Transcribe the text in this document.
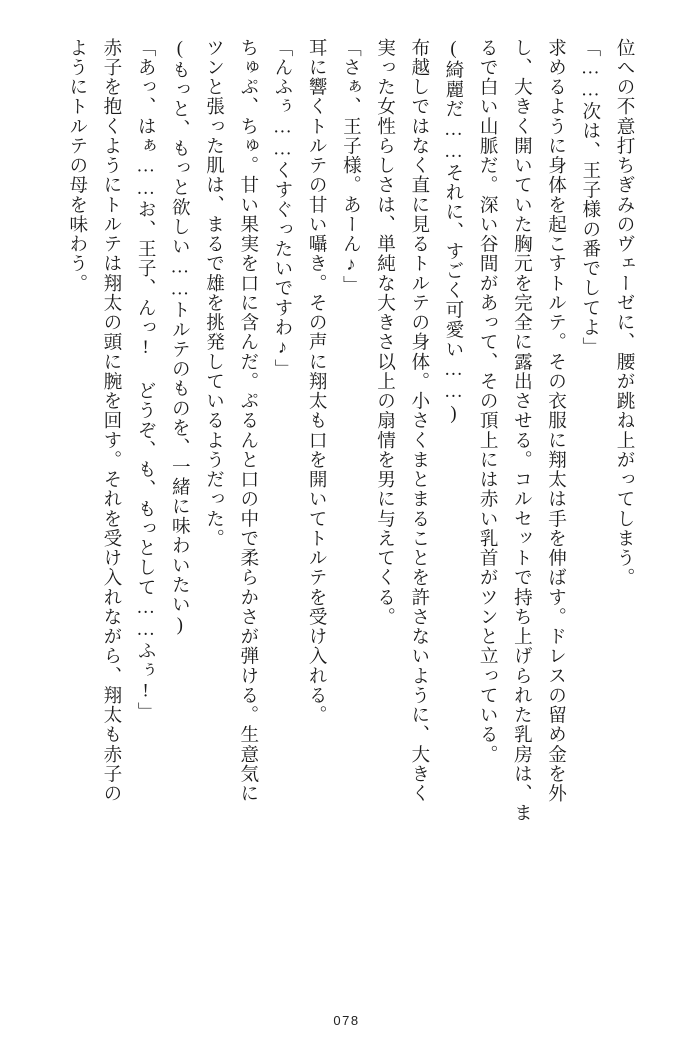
位への不意打ちぎみのヴェーゼに、腰が跳ね上がってしまう。

「……次は、王子様の番でしてよ」

求めるように身体を起こすトルテ。その衣服に翔太は手を伸ばす。ドレスの留め金を外

し、大きく開いていた胸元を完全に露出させる。コルセットで持ち上げられた乳房は、ま

るで白い山脈だ。深い谷間があって、その頂上には赤い乳首がツンと立っている。

(綺麗だ……それに、すごく可愛い……)

布越しではなく直に見るトルテの身体。小さくまとまることを許さないように、大きく

実った女性らしさは、単純な大きさ以上の扇情を男に与えてくる。

「さぁ、王子様。あーん♪」

耳に響くトルテの甘い囁き。その声に翔太も口を開いてトルテを受け入れる。

「んふぅ……くすぐったいですわ♪」

ちゅぷ、ちゅ。甘い果実を口に含んだ。ぷるんと口の中で柔らかさが弾ける。生意気に

ツンと張った肌は、まるで雄を挑発しているようだった。

(もっと、もっと欲しい……トルテのものを、一緒に味わいたい)

「あっ、はぁ……お、王子、んっ! どうぞ、も、もっとして……ふぅ!」

赤子を抱くようにトルテは翔太の頭に腕を回す。それを受け入れながら、翔太も赤子の

ようにトルテの母を味わう。

078
